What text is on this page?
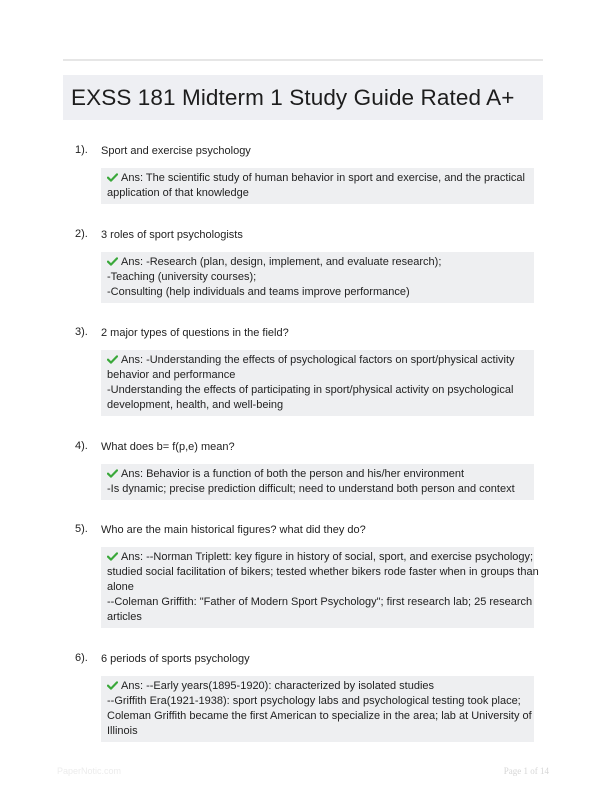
EXSS 181 Midterm 1 Study Guide Rated A+
1).	Sport and exercise psychology
Ans: The scientific study of human behavior in sport and exercise, and the practical
application of that knowledge
2).	3 roles of sport psychologists
Ans: -Research (plan, design, implement, and evaluate research);
-Teaching (university courses);
-Consulting (help individuals and teams improve performance)
3).	2 major types of questions in the field?
Ans: -Understanding the effects of psychological factors on sport/physical activity
behavior and performance
-Understanding the effects of participating in sport/physical activity on psychological
development, health, and well-being
4).	What does b= f(p,e) mean?
Ans: Behavior is a function of both the person and his/her environment
-Is dynamic; precise prediction difficult; need to understand both person and context
5).	Who are the main historical figures? what did they do?
Ans: --Norman Triplett: key figure in history of social, sport, and exercise psychology;
studied social facilitation of bikers; tested whether bikers rode faster when in groups than
alone
--Coleman Griffith: "Father of Modern Sport Psychology"; first research lab; 25 research
articles
6).	6 periods of sports psychology
Ans: --Early years(1895-1920): characterized by isolated studies
--Griffith Era(1921-1938): sport psychology labs and psychological testing took place;
Coleman Griffith became the first American to specialize in the area; lab at University of
Illinois
PaperNotic.com	Page 1 of 14
